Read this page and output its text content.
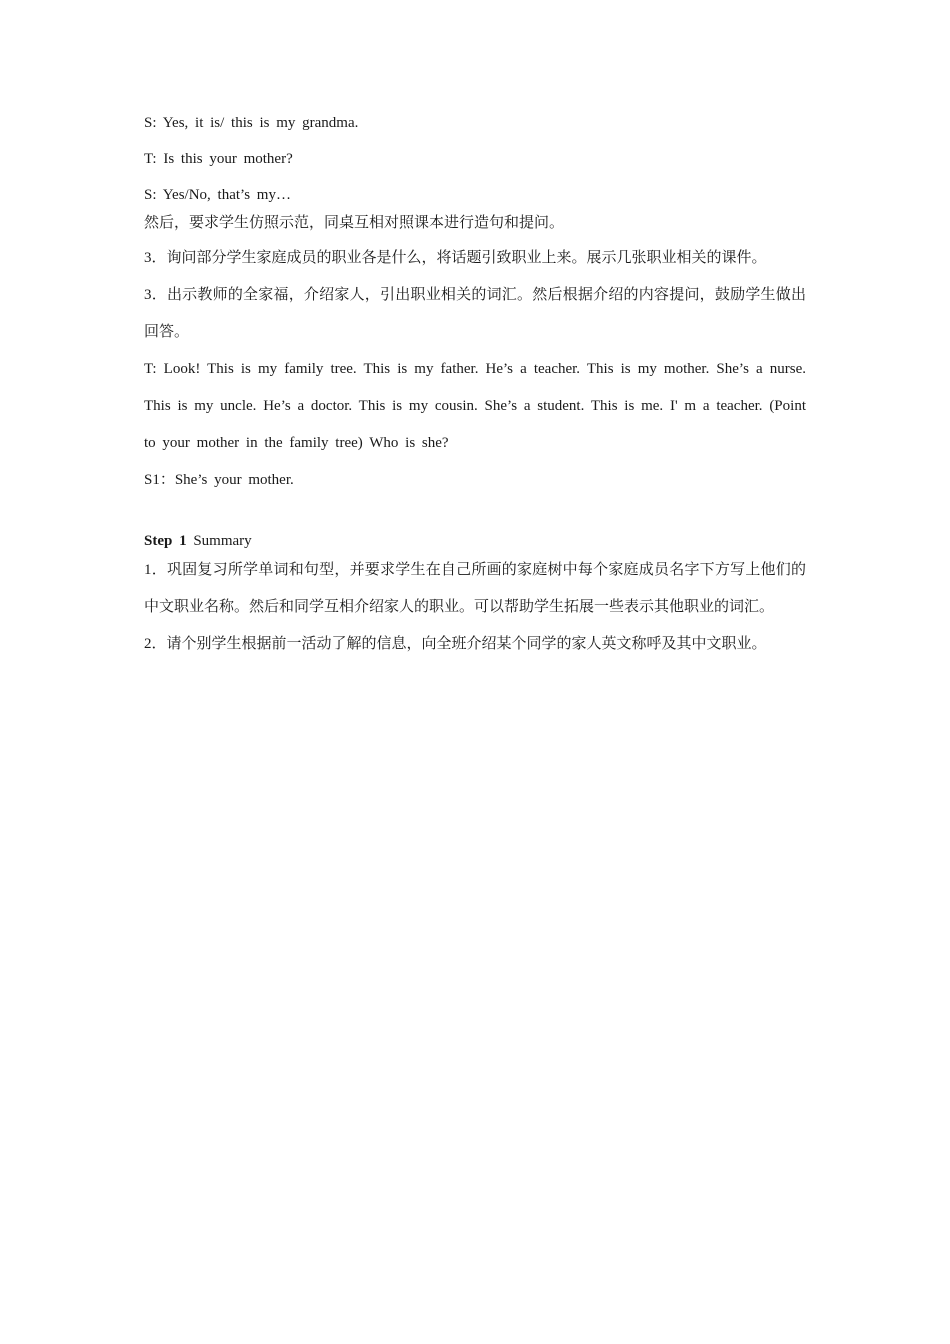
S: Yes, it is/ this is my grandma.
T: Is this your mother?
S: Yes/No, that’s my…
然后，要求学生仿照示范，同桌互相对照课本进行造句和提问。

3．询问部分学生家庭成员的职业各是什么，将话题引致职业上来。展示几张职业相关的课件。

3．出示教师的全家福，介绍家人，引出职业相关的词汇。然后根据介绍的内容提问，鼓励学生做出回答。

T: Look! This is my family tree. This is my father. He’s a teacher. This is my mother. She’s a nurse. This is my uncle. He’s a doctor. This is my cousin. She’s a student. This is me. I' m a teacher. (Point to your mother in the family tree) Who is she?

S1：She’s your mother.

Step 1 Summary

1．巩固复习所学单词和句型，并要求学生在自己所画的家庭树中每个家庭成员名字下方写上他们的中文职业名称。然后和同学互相介绍家人的职业。可以帮助学生拓展一些表示其他职业的词汇。

2．请个别学生根据前一活动了解的信息，向全班介绍某个同学的家人英文称呼及其中文职业。
